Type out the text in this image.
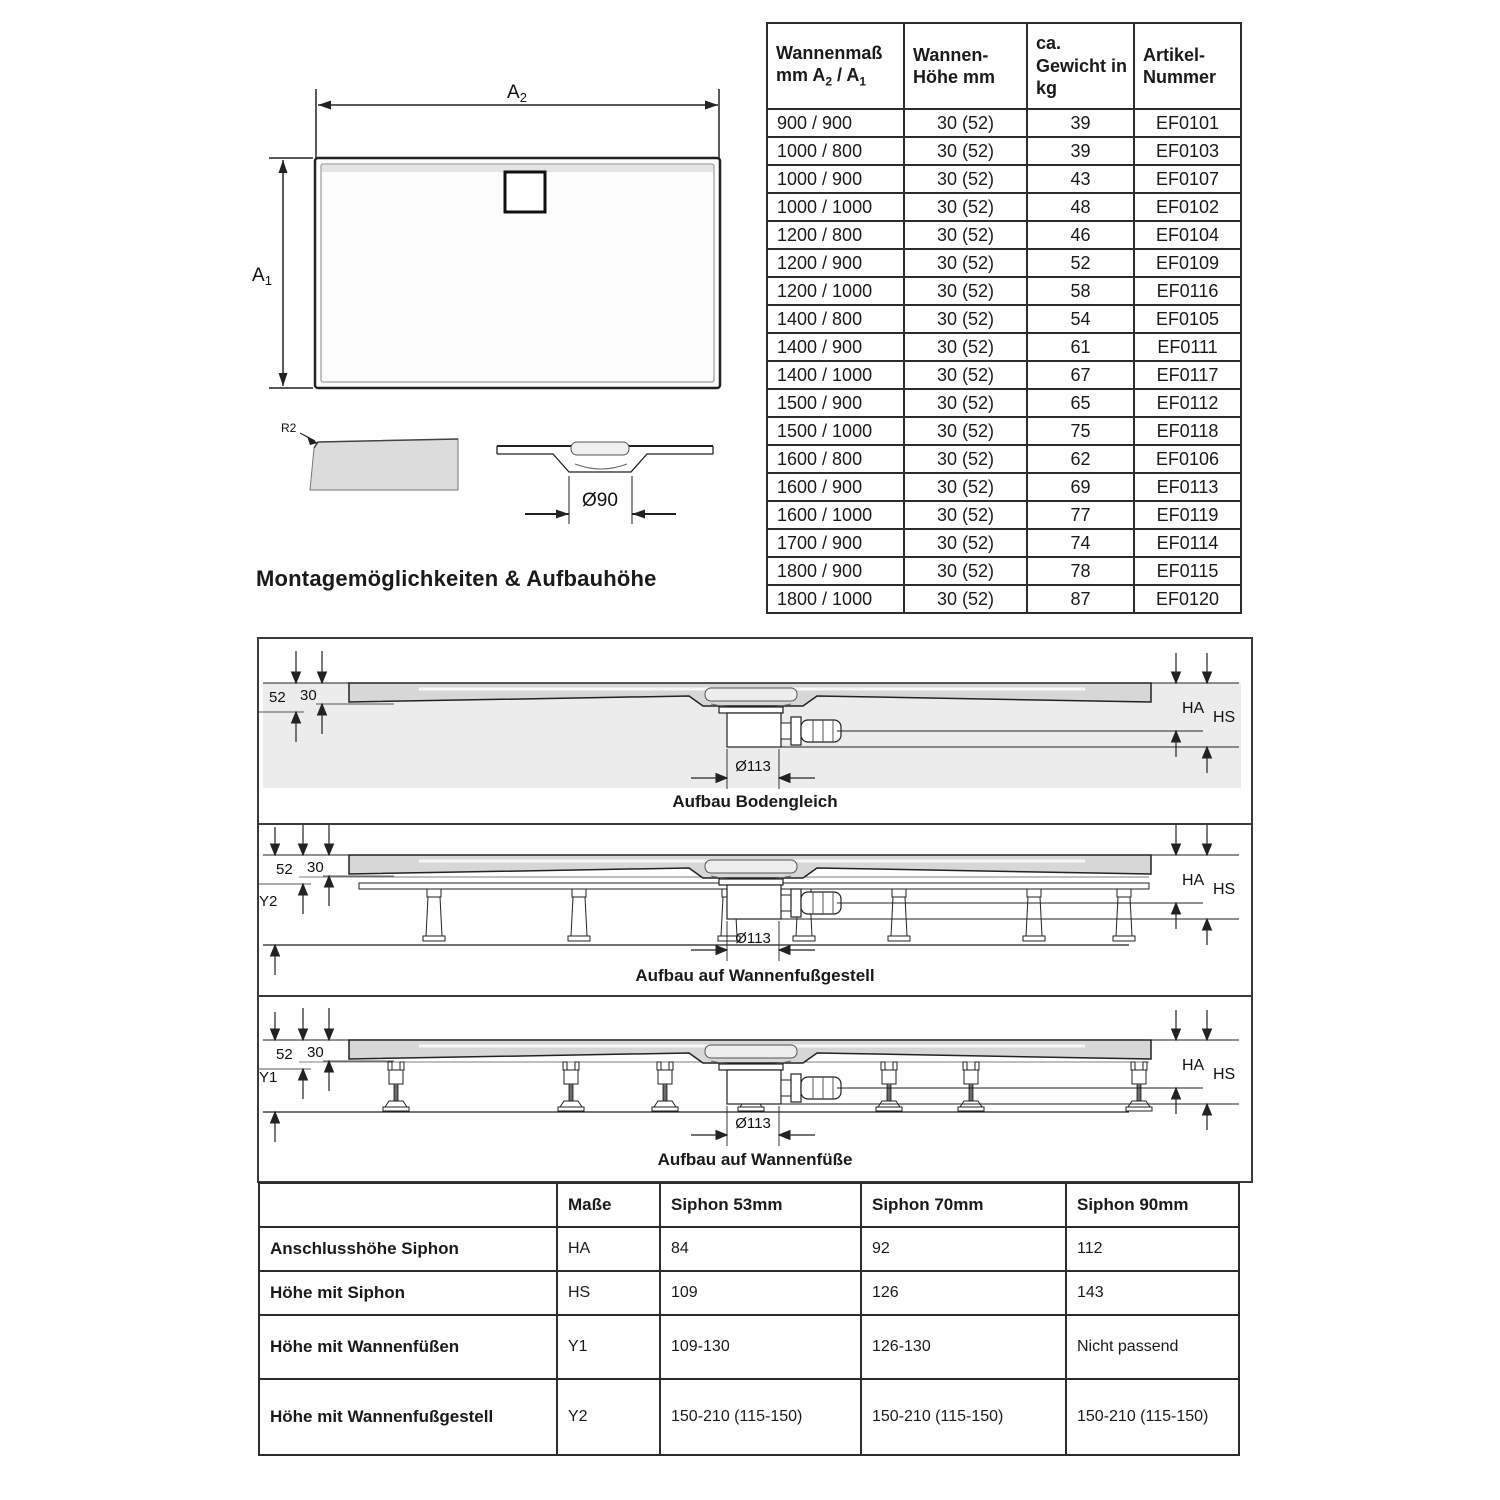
$A_2$
$A_1$
R2
Ø90
Montagemöglichkeiten & Aufbauhöhe
Wannenmaß
mm $A_2 / A_1$

Wannen-
Höhe mm

ca.
Gewicht in
kg

Artikel-
Nummer

900 / 900	30 (52)	39	EF0101
1000 / 800	30 (52)	39	EF0103
1000 / 900	30 (52)	43	EF0107
1000 / 1000	30 (52)	48	EF0102
1200 / 800	30 (52)	46	EF0104
1200 / 900	30 (52)	52	EF0109
1200 / 1000	30 (52)	58	EF0116
1400 / 800	30 (52)	54	EF0105
1400 / 900	30 (52)	61	EF0111
1400 / 1000	30 (52)	67	EF0117
1500 / 900	30 (52)	65	EF0112
1500 / 1000	30 (52)	75	EF0118
1600 / 800	30 (52)	62	EF0106
1600 / 900	30 (52)	69	EF0113
1600 / 1000	30 (52)	77	EF0119
1700 / 900	30 (52)	74	EF0114
1800 / 900	30 (52)	78	EF0115
1800 / 1000	30 (52)	87	EF0120
52 30
HA
HS
Ø113
Aufbau Bodengleich
52 30
Y2
HA
HS
Ø113
Aufbau auf Wannenfußgestell
52 30
Y1
HA
HS
Ø113
Aufbau auf Wannenfüße
	Maße	Siphon 53mm	Siphon 70mm	Siphon 90mm
Anschlusshöhe Siphon	HA	84	92	112
Höhe mit Siphon	HS	109	126	143
Höhe mit Wannenfüßen	Y1	109-130	126-130	Nicht passend
Höhe mit Wannenfußgestell	Y2	150-210 (115-150)	150-210 (115-150)	150-210 (115-150)
